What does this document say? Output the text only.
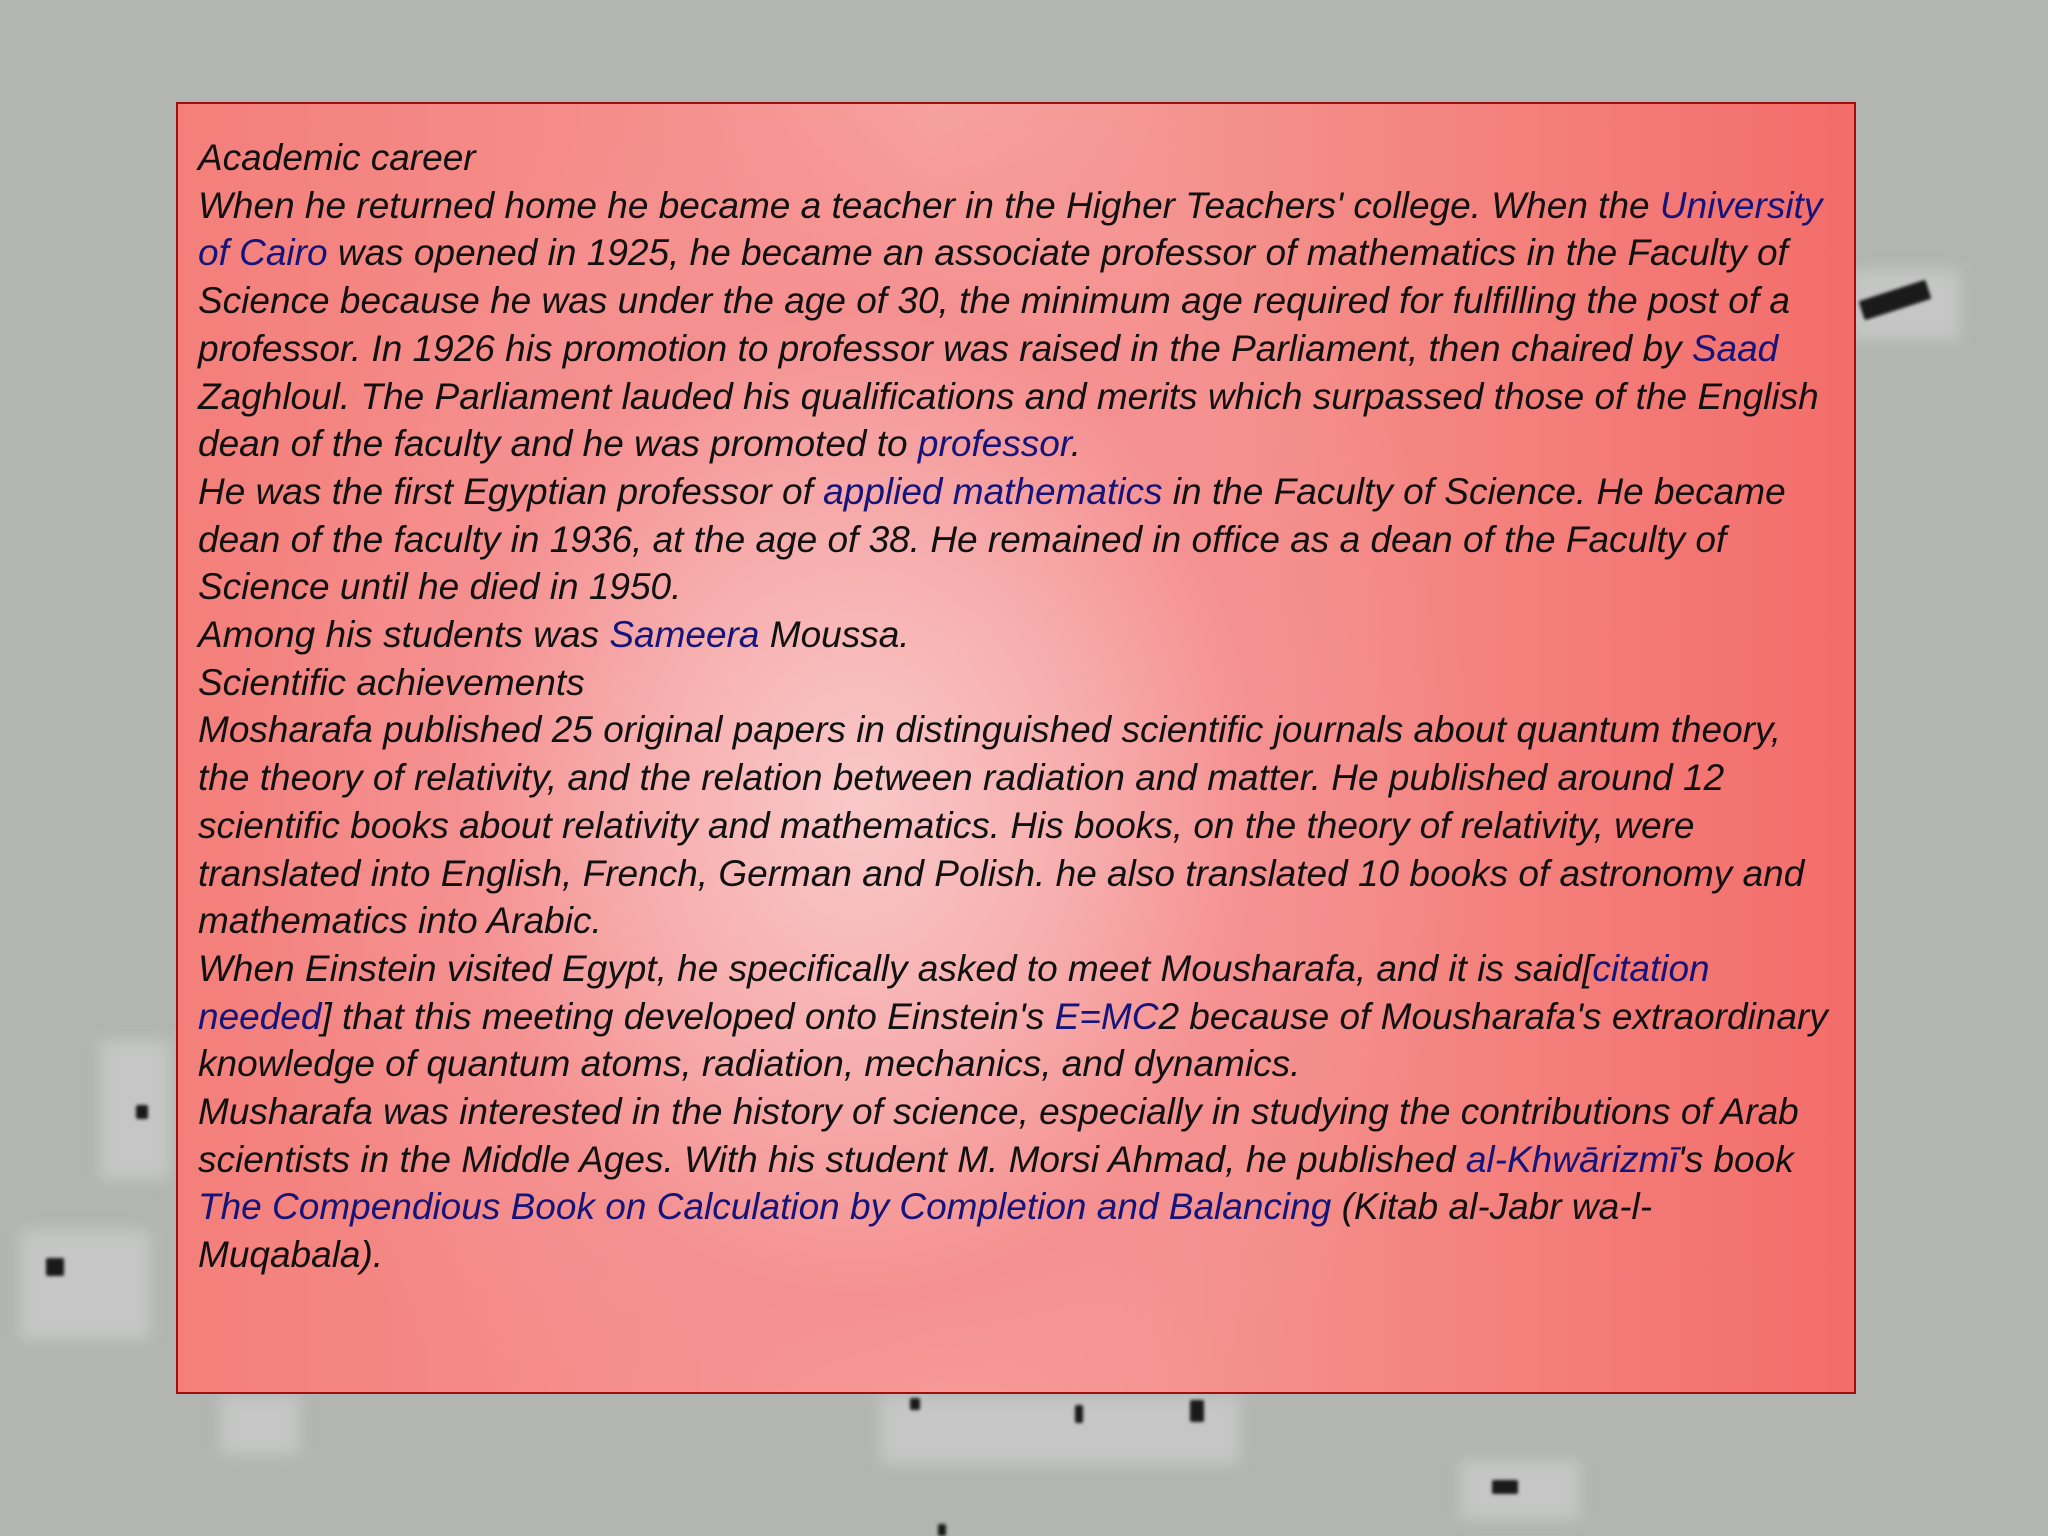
Academic career

When he returned home he became a teacher in the Higher Teachers' college. When the University of Cairo was opened in 1925, he became an associate professor of mathematics in the Faculty of Science because he was under the age of 30, the minimum age required for fulfilling the post of a professor. In 1926 his promotion to professor was raised in the Parliament, then chaired by Saad Zaghloul. The Parliament lauded his qualifications and merits which surpassed those of the English dean of the faculty and he was promoted to professor.

He was the first Egyptian professor of applied mathematics in the Faculty of Science. He became dean of the faculty in 1936, at the age of 38. He remained in office as a dean of the Faculty of Science until he died in 1950.

Among his students was Sameera Moussa.

Scientific achievements

Mosharafa published 25 original papers in distinguished scientific journals about quantum theory, the theory of relativity, and the relation between radiation and matter. He published around 12 scientific books about relativity and mathematics. His books, on the theory of relativity, were translated into English, French, German and Polish. he also translated 10 books of astronomy and mathematics into Arabic.

When Einstein visited Egypt, he specifically asked to meet Mousharafa, and it is said[citation needed] that this meeting developed onto Einstein's E=MC2 because of Mousharafa's extraordinary knowledge of quantum atoms, radiation, mechanics, and dynamics.

Musharafa was interested in the history of science, especially in studying the contributions of Arab scientists in the Middle Ages. With his student M. Morsi Ahmad, he published al-Khwārizmī's book The Compendious Book on Calculation by Completion and Balancing (Kitab al-Jabr wa-l-Muqabala).
